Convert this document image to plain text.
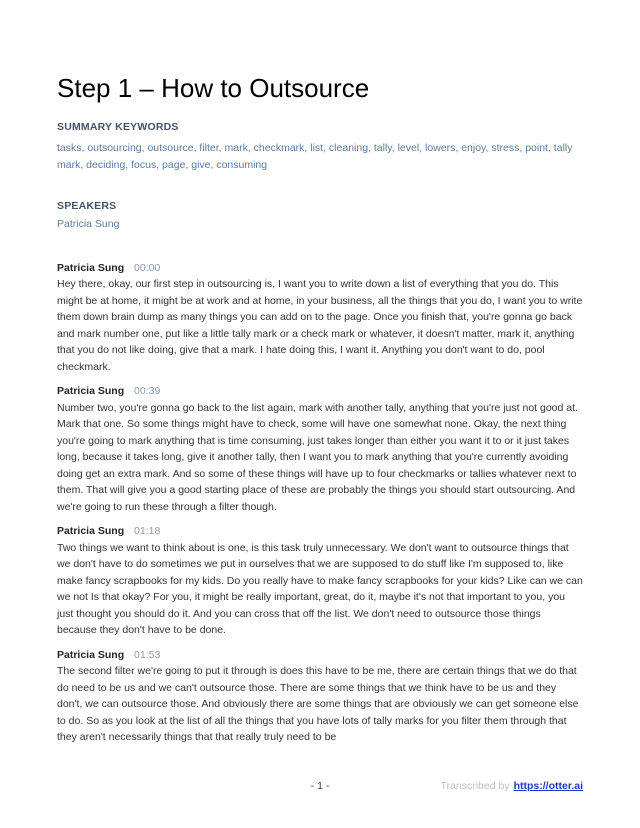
Step 1 – How to Outsource

SUMMARY KEYWORDS

tasks, outsourcing, outsource, filter, mark, checkmark, list, cleaning, tally, level, lowers, enjoy, stress, point, tally mark, deciding, focus, page, give, consuming

SPEAKERS

Patricia Sung

Patricia Sung 00:00

Hey there, okay, our first step in outsourcing is, I want you to write down a list of everything that you do. This might be at home, it might be at work and at home, in your business, all the things that you do, I want you to write them down brain dump as many things you can add on to the page. Once you finish that, you're gonna go back and mark number one, put like a little tally mark or a check mark or whatever, it doesn't matter, mark it, anything that you do not like doing, give that a mark. I hate doing this, I want it. Anything you don't want to do, pool checkmark.

Patricia Sung 00:39

Number two, you're gonna go back to the list again, mark with another tally, anything that you're just not good at. Mark that one. So some things might have to check, some will have one somewhat none. Okay, the next thing you're going to mark anything that is time consuming, just takes longer than either you want it to or it just takes long, because it takes long, give it another tally, then I want you to mark anything that you're currently avoiding doing get an extra mark. And so some of these things will have up to four checkmarks or tallies whatever next to them. That will give you a good starting place of these are probably the things you should start outsourcing. And we're going to run these through a filter though.

Patricia Sung 01:18

Two things we want to think about is one, is this task truly unnecessary. We don't want to outsource things that we don't have to do sometimes we put in ourselves that we are supposed to do stuff like I'm supposed to, like make fancy scrapbooks for my kids. Do you really have to make fancy scrapbooks for your kids? Like can we can we not Is that okay? For you, it might be really important, great, do it, maybe it's not that important to you, you just thought you should do it. And you can cross that off the list. We don't need to outsource those things because they don't have to be done.

Patricia Sung 01:53

The second filter we're going to put it through is does this have to be me, there are certain things that we do that do need to be us and we can't outsource those. There are some things that we think have to be us and they don't, we can outsource those. And obviously there are some things that are obviously we can get someone else to do. So as you look at the list of all the things that you have lots of tally marks for you filter them through that they aren't necessarily things that that really truly need to be

- 1 -	Transcribed by https://otter.ai
